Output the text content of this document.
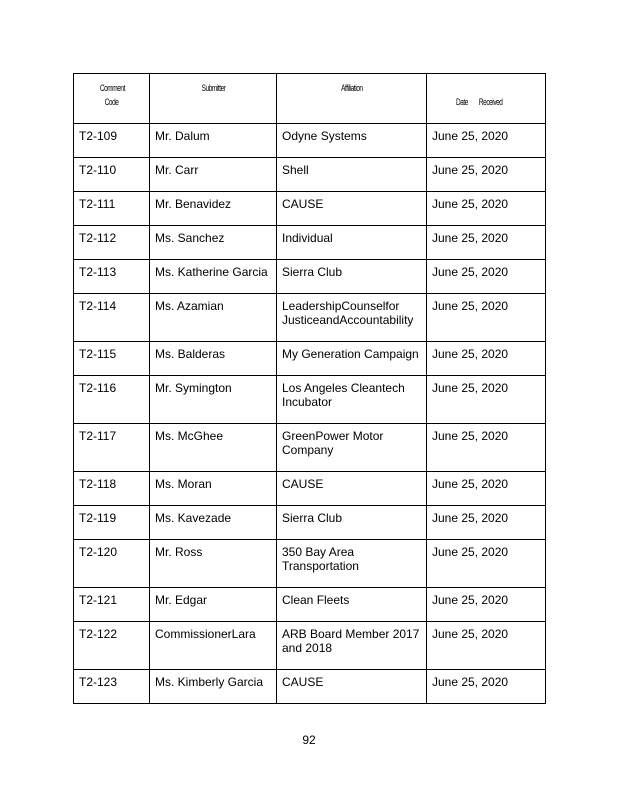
Comment
Code	Submitter	Affiliation	Date        Received

T2-109	Mr. Dalum	Odyne Systems	June 25, 2020
T2-110	Mr. Carr	Shell	June 25, 2020
T2-111	Mr. Benavidez	CAUSE	June 25, 2020
T2-112	Ms. Sanchez	Individual	June 25, 2020
T2-113	Ms. Katherine Garcia	Sierra Club	June 25, 2020
T2-114	Ms. Azamian	LeadershipCounselfor JusticeandAccountability	June 25, 2020
T2-115	Ms. Balderas	My Generation Campaign	June 25, 2020
T2-116	Mr. Symington	Los Angeles Cleantech Incubator	June 25, 2020
T2-117	Ms. McGhee	GreenPower Motor Company	June 25, 2020
T2-118	Ms. Moran	CAUSE	June 25, 2020
T2-119	Ms. Kavezade	Sierra Club	June 25, 2020
T2-120	Mr. Ross	350 Bay Area Transportation	June 25, 2020
T2-121	Mr. Edgar	Clean Fleets	June 25, 2020
T2-122	CommissionerLara	ARB Board Member 2017 and 2018	June 25, 2020
T2-123	Ms. Kimberly Garcia	CAUSE	June 25, 2020
92
